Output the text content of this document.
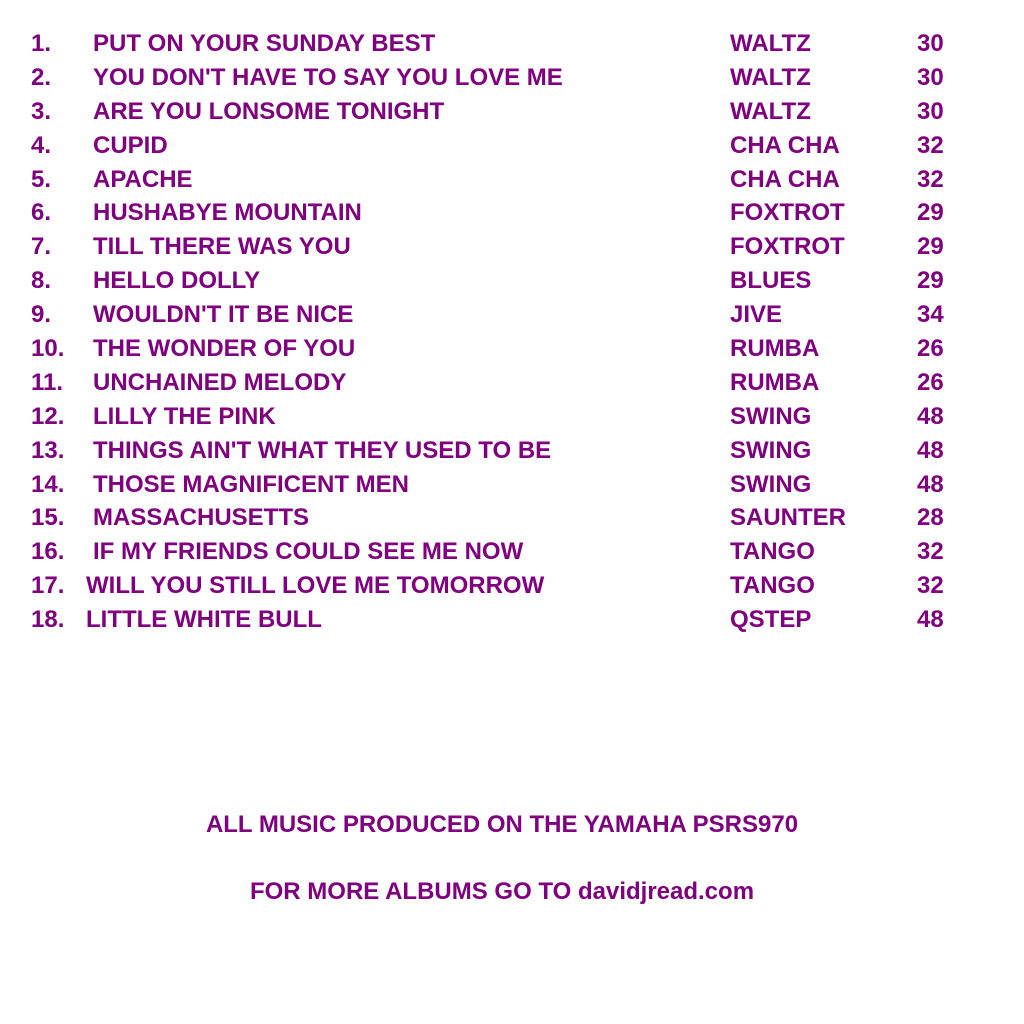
1. PUT ON YOUR SUNDAY BEST	WALTZ	30
2. YOU DON'T HAVE TO SAY YOU LOVE ME	WALTZ	30
3. ARE YOU LONSOME TONIGHT	WALTZ	30
4. CUPID	CHA CHA	32
5. APACHE	CHA CHA	32
6. HUSHABYE MOUNTAIN	FOXTROT	29
7. TILL THERE WAS YOU	FOXTROT	29
8. HELLO DOLLY	BLUES	29
9. WOULDN'T IT BE NICE	JIVE	34
10. THE WONDER OF YOU	RUMBA	26
11. UNCHAINED MELODY	RUMBA	26
12. LILLY THE PINK	SWING	48
13. THINGS AIN'T WHAT THEY USED TO BE	SWING	48
14. THOSE MAGNIFICENT MEN	SWING	48
15. MASSACHUSETTS	SAUNTER	28
16. IF MY FRIENDS COULD SEE ME NOW	TANGO	32
17. WILL YOU STILL LOVE ME TOMORROW	TANGO	32
18. LITTLE WHITE BULL	QSTEP	48
ALL MUSIC PRODUCED ON THE YAMAHA PSRS970
FOR MORE ALBUMS GO TO davidjread.com
